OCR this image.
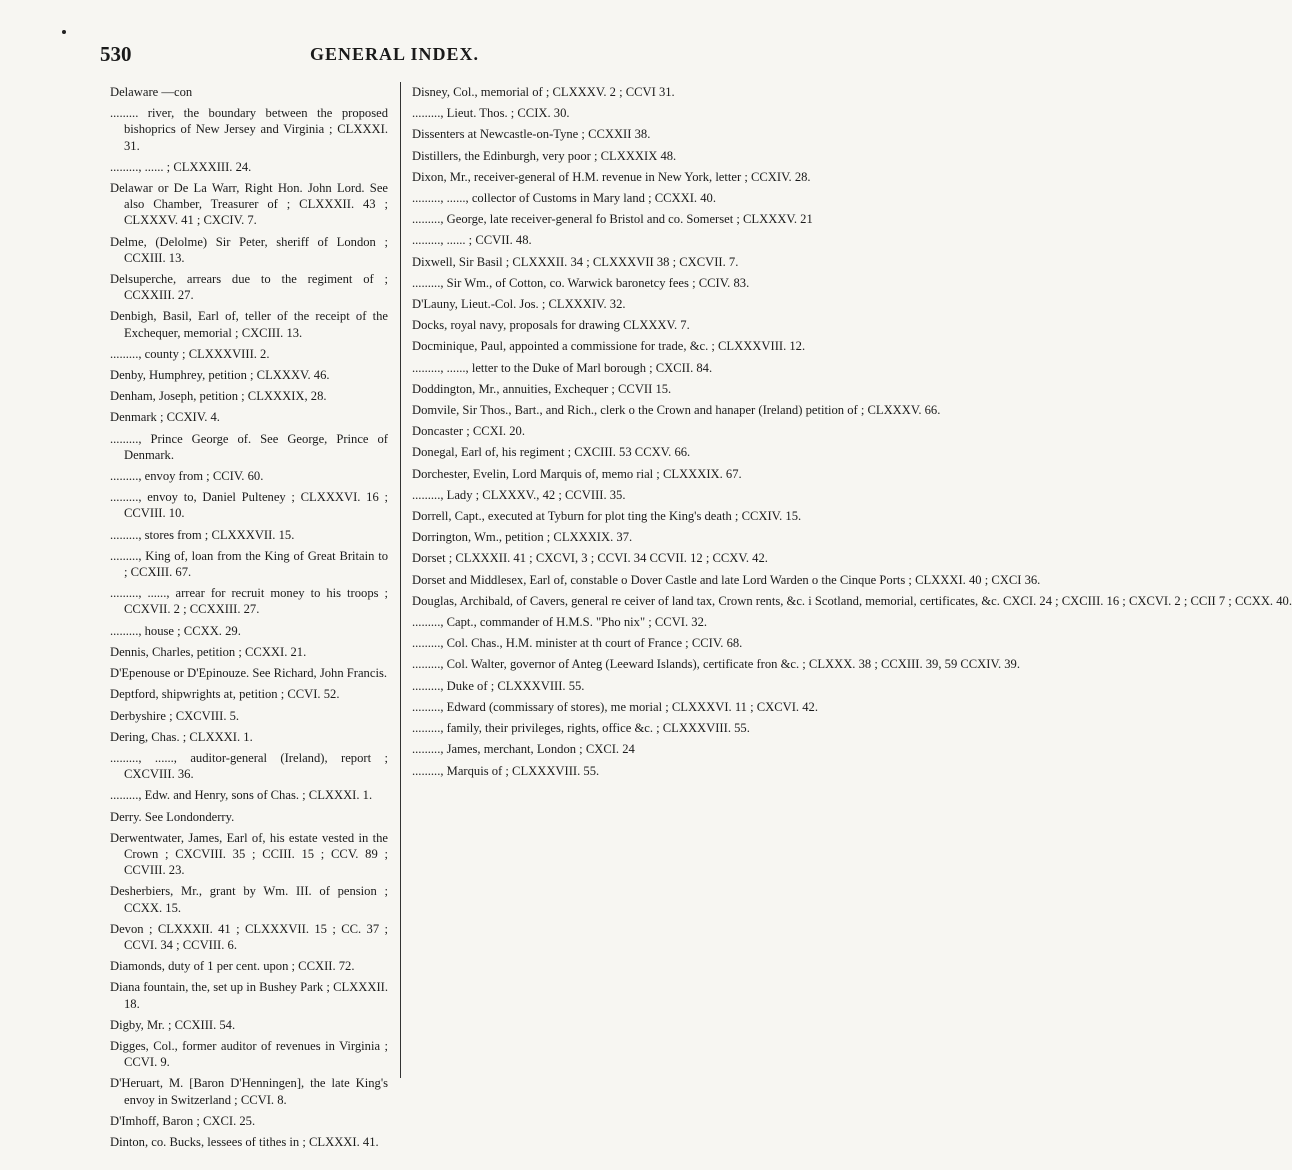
530	GENERAL INDEX.

Delaware —con

......... river, the boundary between the proposed bishoprics of New Jersey and Virginia ; CLXXXI. 31.

........., ...... ; CLXXXIII. 24.

Delawar or De La Warr, Right Hon. John Lord. See also Chamber, Treasurer of ; CLXXXII. 43 ; CLXXXV. 41 ; CXCIV. 7.

Delme, (Delolme) Sir Peter, sheriff of London ; CCXIII. 13.

Delsuperche, arrears due to the regiment of ; CCXXIII. 27.

Denbigh, Basil, Earl of, teller of the receipt of the Exchequer, memorial ; CXCIII. 13.

........., county ; CLXXXVIII. 2.

Denby, Humphrey, petition ; CLXXXV. 46.

Denham, Joseph, petition ; CLXXXIX, 28.

Denmark ; CCXIV. 4.

........., Prince George of. See George, Prince of Denmark.

........., envoy from ; CCIV. 60.

........., envoy to, Daniel Pulteney ; CLXXXVI. 16 ; CCVIII. 10.

........., stores from ; CLXXXVII. 15.

........., King of, loan from the King of Great Britain to ; CCXIII. 67.

........., ......, arrear for recruit money to his troops ; CCXVII. 2 ; CCXXIII. 27.

........., house ; CCXX. 29.

Dennis, Charles, petition ; CCXXI. 21.

D'Epenouse or D'Epinouze. See Richard, John Francis.

Deptford, shipwrights at, petition ; CCVI. 52.

Derbyshire ; CXCVIII. 5.

Dering, Chas. ; CLXXXI. 1.

........., ......, auditor-general (Ireland), report ; CXCVIII. 36.

........., Edw. and Henry, sons of Chas. ; CLXXXI. 1.

Derry. See Londonderry.

Derwentwater, James, Earl of, his estate vested in the Crown ; CXCVIII. 35 ; CCIII. 15 ; CCV. 89 ; CCVIII. 23.

Desherbiers, Mr., grant by Wm. III. of pension ; CCXX. 15.

Devon ; CLXXXII. 41 ; CLXXXVII. 15 ; CC. 37 ; CCVI. 34 ; CCVIII. 6.

Diamonds, duty of 1 per cent. upon ; CCXII. 72.

Diana fountain, the, set up in Bushey Park ; CLXXXII. 18.

Digby, Mr. ; CCXIII. 54.

Digges, Col., former auditor of revenues in Virginia ; CCVI. 9.

D'Heruart, M. [Baron D'Henningen], the late King's envoy in Switzerland ; CCVI. 8.

D'Imhoff, Baron ; CXCI. 25.

Dinton, co. Bucks, lessees of tithes in ; CLXXXI. 41.

Disney, Col., memorial of ; CLXXXV. 2 ; CCVI 31.

........., Lieut. Thos. ; CCIX. 30.

Dissenters at Newcastle-on-Tyne ; CCXXII 38.

Distillers, the Edinburgh, very poor ; CLXXXIX 48.

Dixon, Mr., receiver-general of H.M. revenue in New York, letter ; CCXIV. 28.

........., ......, collector of Customs in Mary land ; CCXXI. 40.

........., George, late receiver-general fo Bristol and co. Somerset ; CLXXXV. 21

........., ...... ; CCVII. 48.

Dixwell, Sir Basil ; CLXXXII. 34 ; CLXXXVII 38 ; CXCVII. 7.

........., Sir Wm., of Cotton, co. Warwick baronetcy fees ; CCIV. 83.

D'Launy, Lieut.-Col. Jos. ; CLXXXIV. 32.

Docks, royal navy, proposals for drawing CLXXXV. 7.

Docminique, Paul, appointed a commissione for trade, &c. ; CLXXXVIII. 12.

........., ......, letter to the Duke of Marl borough ; CXCII. 84.

Doddington, Mr., annuities, Exchequer ; CCVII 15.

Domvile, Sir Thos., Bart., and Rich., clerk o the Crown and hanaper (Ireland) petition of ; CLXXXV. 66.

Doncaster ; CCXI. 20.

Donegal, Earl of, his regiment ; CXCIII. 53 CCXV. 66.

Dorchester, Evelin, Lord Marquis of, memo rial ; CLXXXIX. 67.

........., Lady ; CLXXXV., 42 ; CCVIII. 35.

Dorrell, Capt., executed at Tyburn for plot ting the King's death ; CCXIV. 15.

Dorrington, Wm., petition ; CLXXXIX. 37.

Dorset ; CLXXXII. 41 ; CXCVI, 3 ; CCVI. 34 CCVII. 12 ; CCXV. 42.

Dorset and Middlesex, Earl of, constable o Dover Castle and late Lord Warden o the Cinque Ports ; CLXXXI. 40 ; CXCI 36.

Douglas, Archibald, of Cavers, general re ceiver of land tax, Crown rents, &c. i Scotland, memorial, certificates, &c. CXCI. 24 ; CXCIII. 16 ; CXCVI. 2 ; CCII 7 ; CCXX. 40.

........., Capt., commander of H.M.S. "Pho nix" ; CCVI. 32.

........., Col. Chas., H.M. minister at th court of France ; CCIV. 68.

........., Col. Walter, governor of Anteg (Leeward Islands), certificate fron &c. ; CLXXX. 38 ; CCXIII. 39, 59 CCXIV. 39.

........., Duke of ; CLXXXVIII. 55.

........., Edward (commissary of stores), me morial ; CLXXXVI. 11 ; CXCVI. 42.

........., family, their privileges, rights, office &c. ; CLXXXVIII. 55.

........., James, merchant, London ; CXCI. 24

........., Marquis of ; CLXXXVIII. 55.
